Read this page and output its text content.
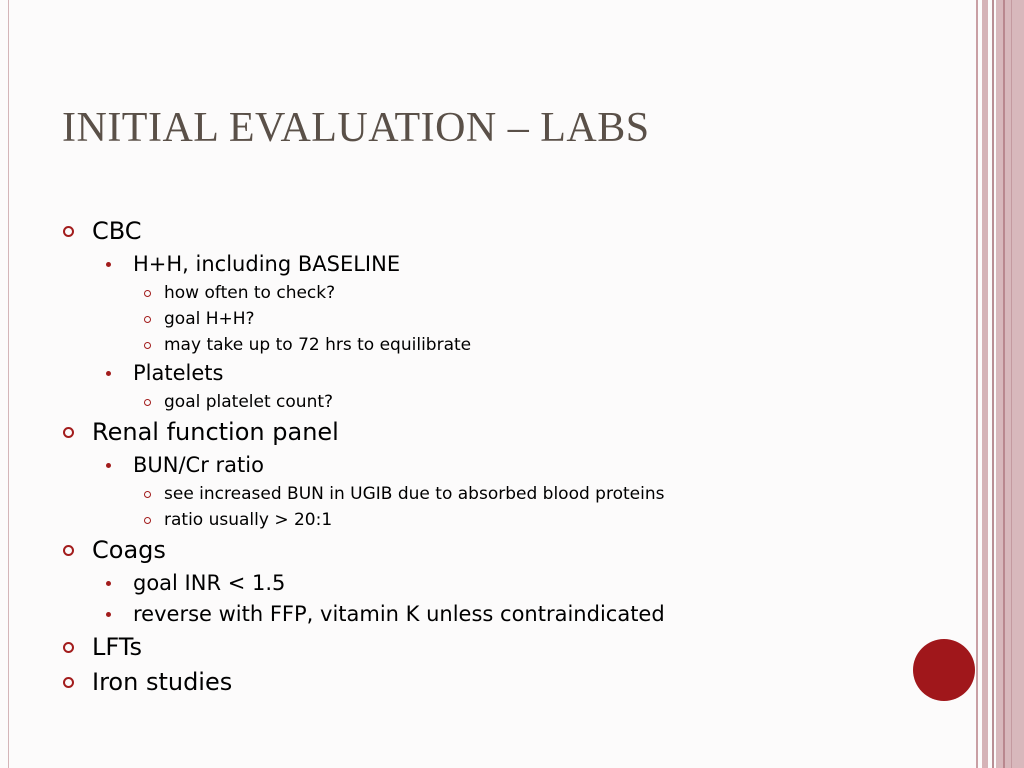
INITIAL EVALUATION – LABS
CBC
H+H, including BASELINE
how often to check?
goal H+H?
may take up to 72 hrs to equilibrate
Platelets
goal platelet count?
Renal function panel
BUN/Cr ratio
see increased BUN in UGIB due to absorbed blood proteins
ratio usually > 20:1
Coags
goal INR < 1.5
reverse with FFP, vitamin K unless contraindicated
LFTs
Iron studies
